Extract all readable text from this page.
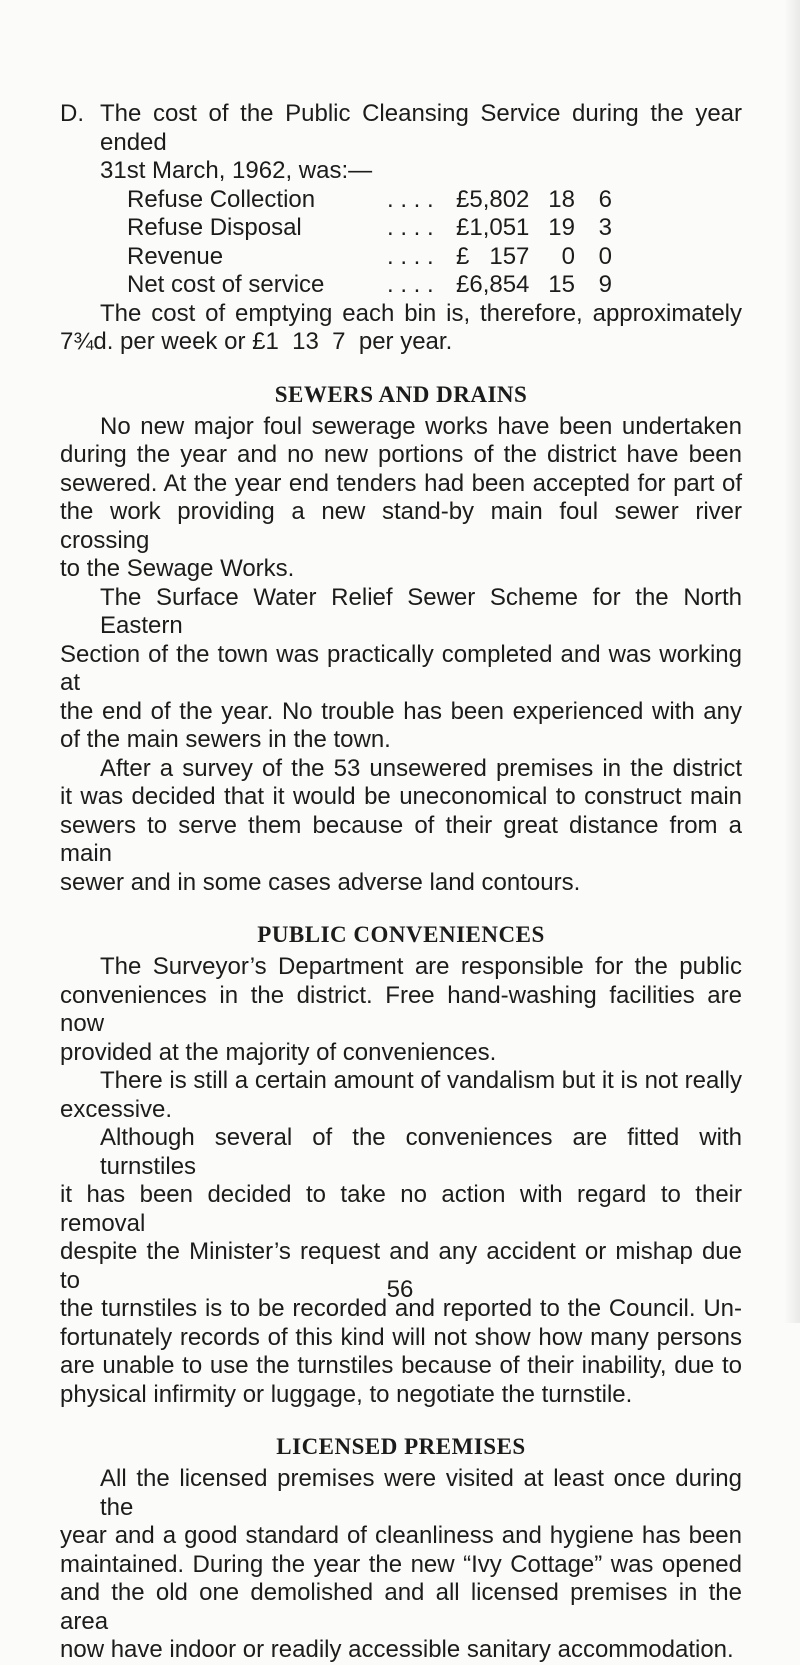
D. The cost of the Public Cleansing Service during the year ended
31st March, 1962, was:—
Refuse Collection	. . . . £5,802 18 6
Refuse Disposal	. . . . £1,051 19 3
Revenue	. . . . £   157	0 0
Net cost of service	. . . . £6,854 15 9
The cost of emptying each bin is, therefore, approximately
7¾d. per week or £1  13  7  per year.
SEWERS AND DRAINS
No new major foul sewerage works have been undertaken
during the year and no new portions of the district have been
sewered. At the year end tenders had been accepted for part of
the work providing a new stand-by main foul sewer river crossing
to the Sewage Works.
The Surface Water Relief Sewer Scheme for the North Eastern
Section of the town was practically completed and was working at
the end of the year. No trouble has been experienced with any
of the main sewers in the town.
After a survey of the 53 unsewered premises in the district
it was decided that it would be uneconomical to construct main
sewers to serve them because of their great distance from a main
sewer and in some cases adverse land contours.
PUBLIC CONVENIENCES
The Surveyor’s Department are responsible for the public
conveniences in the district. Free hand-washing facilities are now
provided at the majority of conveniences.
There is still a certain amount of vandalism but it is not really
excessive.
Although several of the conveniences are fitted with turnstiles
it has been decided to take no action with regard to their removal
despite the Minister’s request and any accident or mishap due to
the turnstiles is to be recorded and reported to the Council. Un-
fortunately records of this kind will not show how many persons
are unable to use the turnstiles because of their inability, due to
physical infirmity or luggage, to negotiate the turnstile.
LICENSED PREMISES
All the licensed premises were visited at least once during the
year and a good standard of cleanliness and hygiene has been
maintained. During the year the new “Ivy Cottage” was opened
and the old one demolished and all licensed premises in the area
now have indoor or readily accessible sanitary accommodation.
56
